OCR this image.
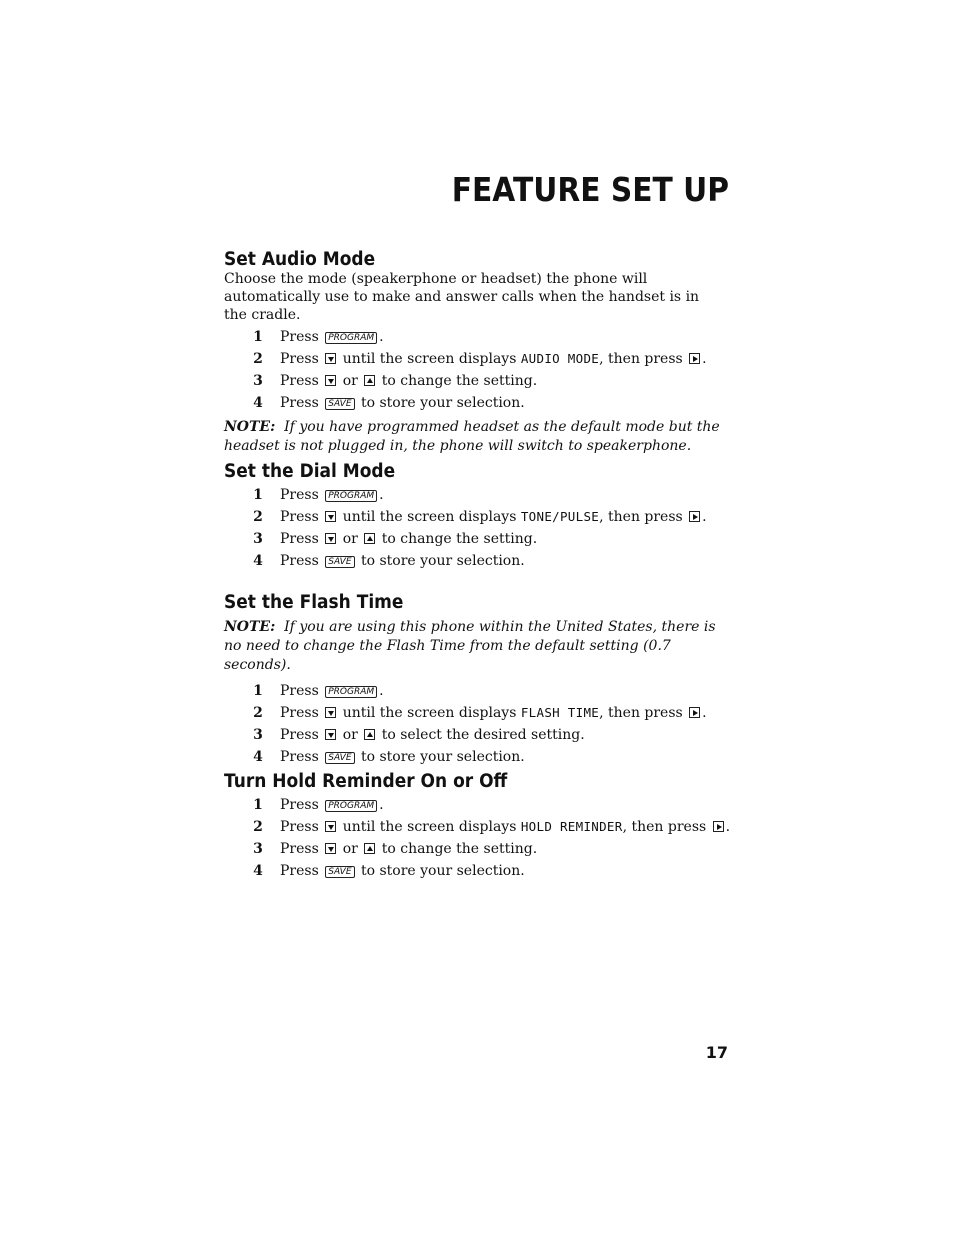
FEATURE SET UP
Set Audio Mode
Choose the mode (speakerphone or headset) the phone will automatically use to make and answer calls when the handset is in the cradle.
1 Press PROGRAM .
2 Press until the screen displays AUDIO MODE, then press .
3 Press or to change the setting.
4 Press SAVE to store your selection.
NOTE: If you have programmed headset as the default mode but the headset is not plugged in, the phone will switch to speakerphone.
Set the Dial Mode
1 Press PROGRAM .
2 Press until the screen displays TONE/PULSE, then press .
3 Press or to change the setting.
4 Press SAVE to store your selection.
Set the Flash Time
NOTE: If you are using this phone within the United States, there is no need to change the Flash Time from the default setting (0.7 seconds).
1 Press PROGRAM .
2 Press until the screen displays FLASH TIME, then press .
3 Press or to select the desired setting.
4 Press SAVE to store your selection.
Turn Hold Reminder On or Off
1 Press PROGRAM .
2 Press until the screen displays HOLD REMINDER, then press .
3 Press or to change the setting.
4 Press SAVE to store your selection.
17
